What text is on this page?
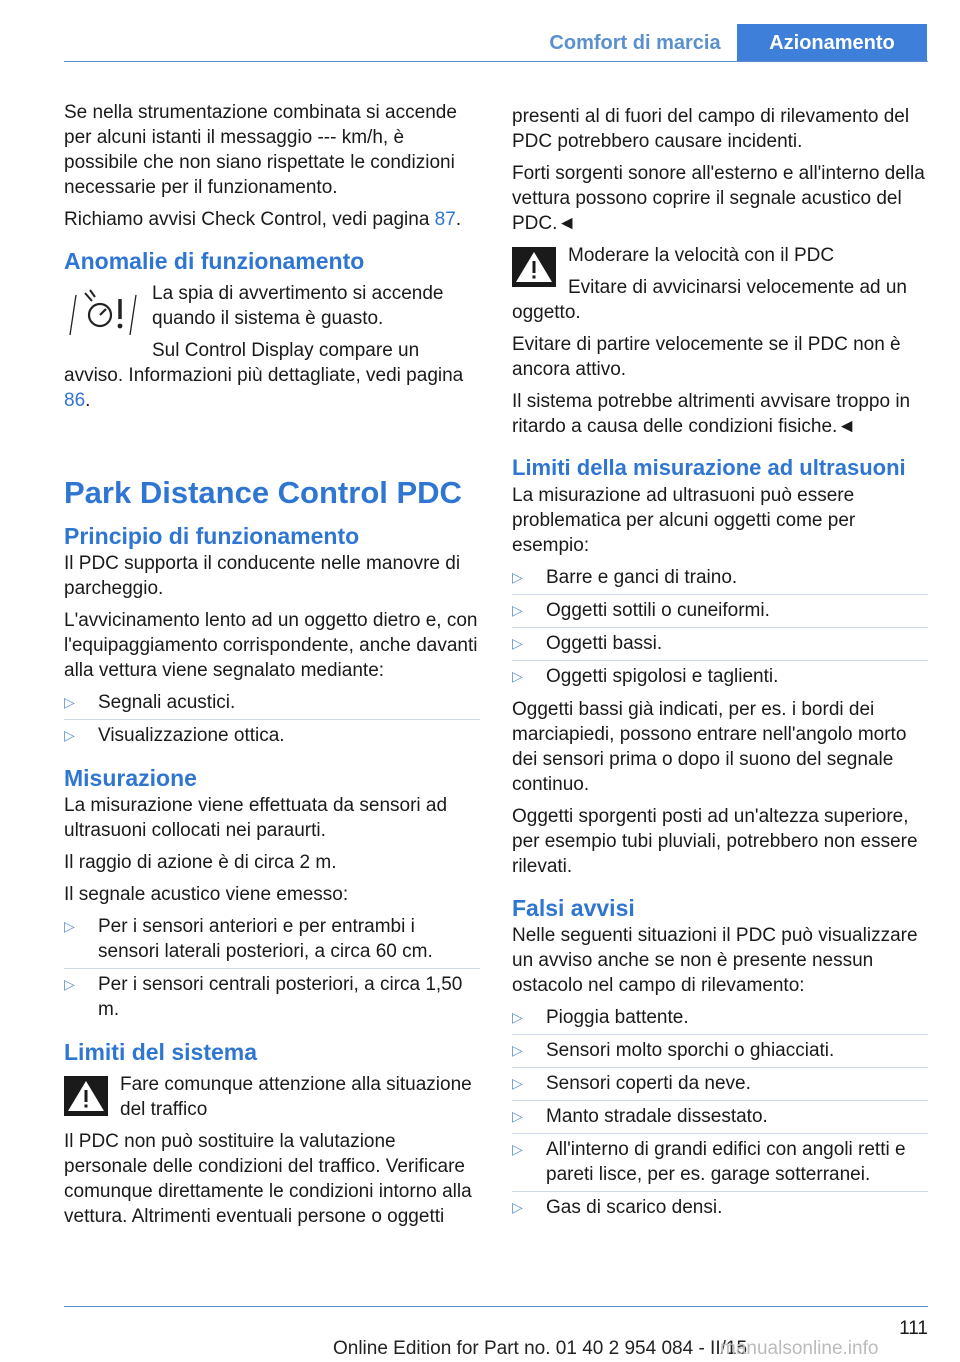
Comfort di marcia	Azionamento

Se nella strumentazione combinata si accende per alcuni istanti il messaggio --- km/h, è possibile che non siano rispettate le condizioni necessarie per il funzionamento.

Richiamo avvisi Check Control, vedi pagina 87.

Anomalie di funzionamento

La spia di avvertimento si accende quando il sistema è guasto.

Sul Control Display compare un avviso. Informazioni più dettagliate, vedi pagina 86.

Park Distance Control PDC
Principio di funzionamento

Il PDC supporta il conducente nelle manovre di parcheggio.

L'avvicinamento lento ad un oggetto dietro e, con l'equipaggiamento corrispondente, anche davanti alla vettura viene segnalato mediante:

▷ Segnali acustici.
▷ Visualizzazione ottica.
Misurazione

La misurazione viene effettuata da sensori ad ultrasuoni collocati nei paraurti.

Il raggio di azione è di circa 2 m.

Il segnale acustico viene emesso:

▷ Per i sensori anteriori e per entrambi i sensori laterali posteriori, a circa 60 cm.
▷ Per i sensori centrali posteriori, a circa 1,50 m.
Limiti del sistema

Fare comunque attenzione alla situazione del traffico

Il PDC non può sostituire la valutazione personale delle condizioni del traffico. Verificare comunque direttamente le condizioni intorno alla vettura. Altrimenti eventuali persone o oggetti

presenti al di fuori del campo di rilevamento del PDC potrebbero causare incidenti.

Forti sorgenti sonore all'esterno e all'interno della vettura possono coprire il segnale acustico del PDC.◄

Moderare la velocità con il PDC

Evitare di avvicinarsi velocemente ad un oggetto.

Evitare di partire velocemente se il PDC non è ancora attivo.

Il sistema potrebbe altrimenti avvisare troppo in ritardo a causa delle condizioni fisiche.◄

Limiti della misurazione ad ultrasuoni

La misurazione ad ultrasuoni può essere problematica per alcuni oggetti come per esempio:

▷ Barre e ganci di traino.
▷ Oggetti sottili o cuneiformi.
▷ Oggetti bassi.
▷ Oggetti spigolosi e taglienti.

Oggetti bassi già indicati, per es. i bordi dei marciapiedi, possono entrare nell'angolo morto dei sensori prima o dopo il suono del segnale continuo.

Oggetti sporgenti posti ad un'altezza superiore, per esempio tubi pluviali, potrebbero non essere rilevati.

Falsi avvisi

Nelle seguenti situazioni il PDC può visualizzare un avviso anche se non è presente nessun ostacolo nel campo di rilevamento:

▷ Pioggia battente.
▷ Sensori molto sporchi o ghiacciati.
▷ Sensori coperti da neve.
▷ Manto stradale dissestato.
▷ All'interno di grandi edifici con angoli retti e pareti lisce, per es. garage sotterranei.
▷ Gas di scarico densi.
111
Online Edition for Part no. 01 40 2 954 084 - II/15
manualsonline.info
